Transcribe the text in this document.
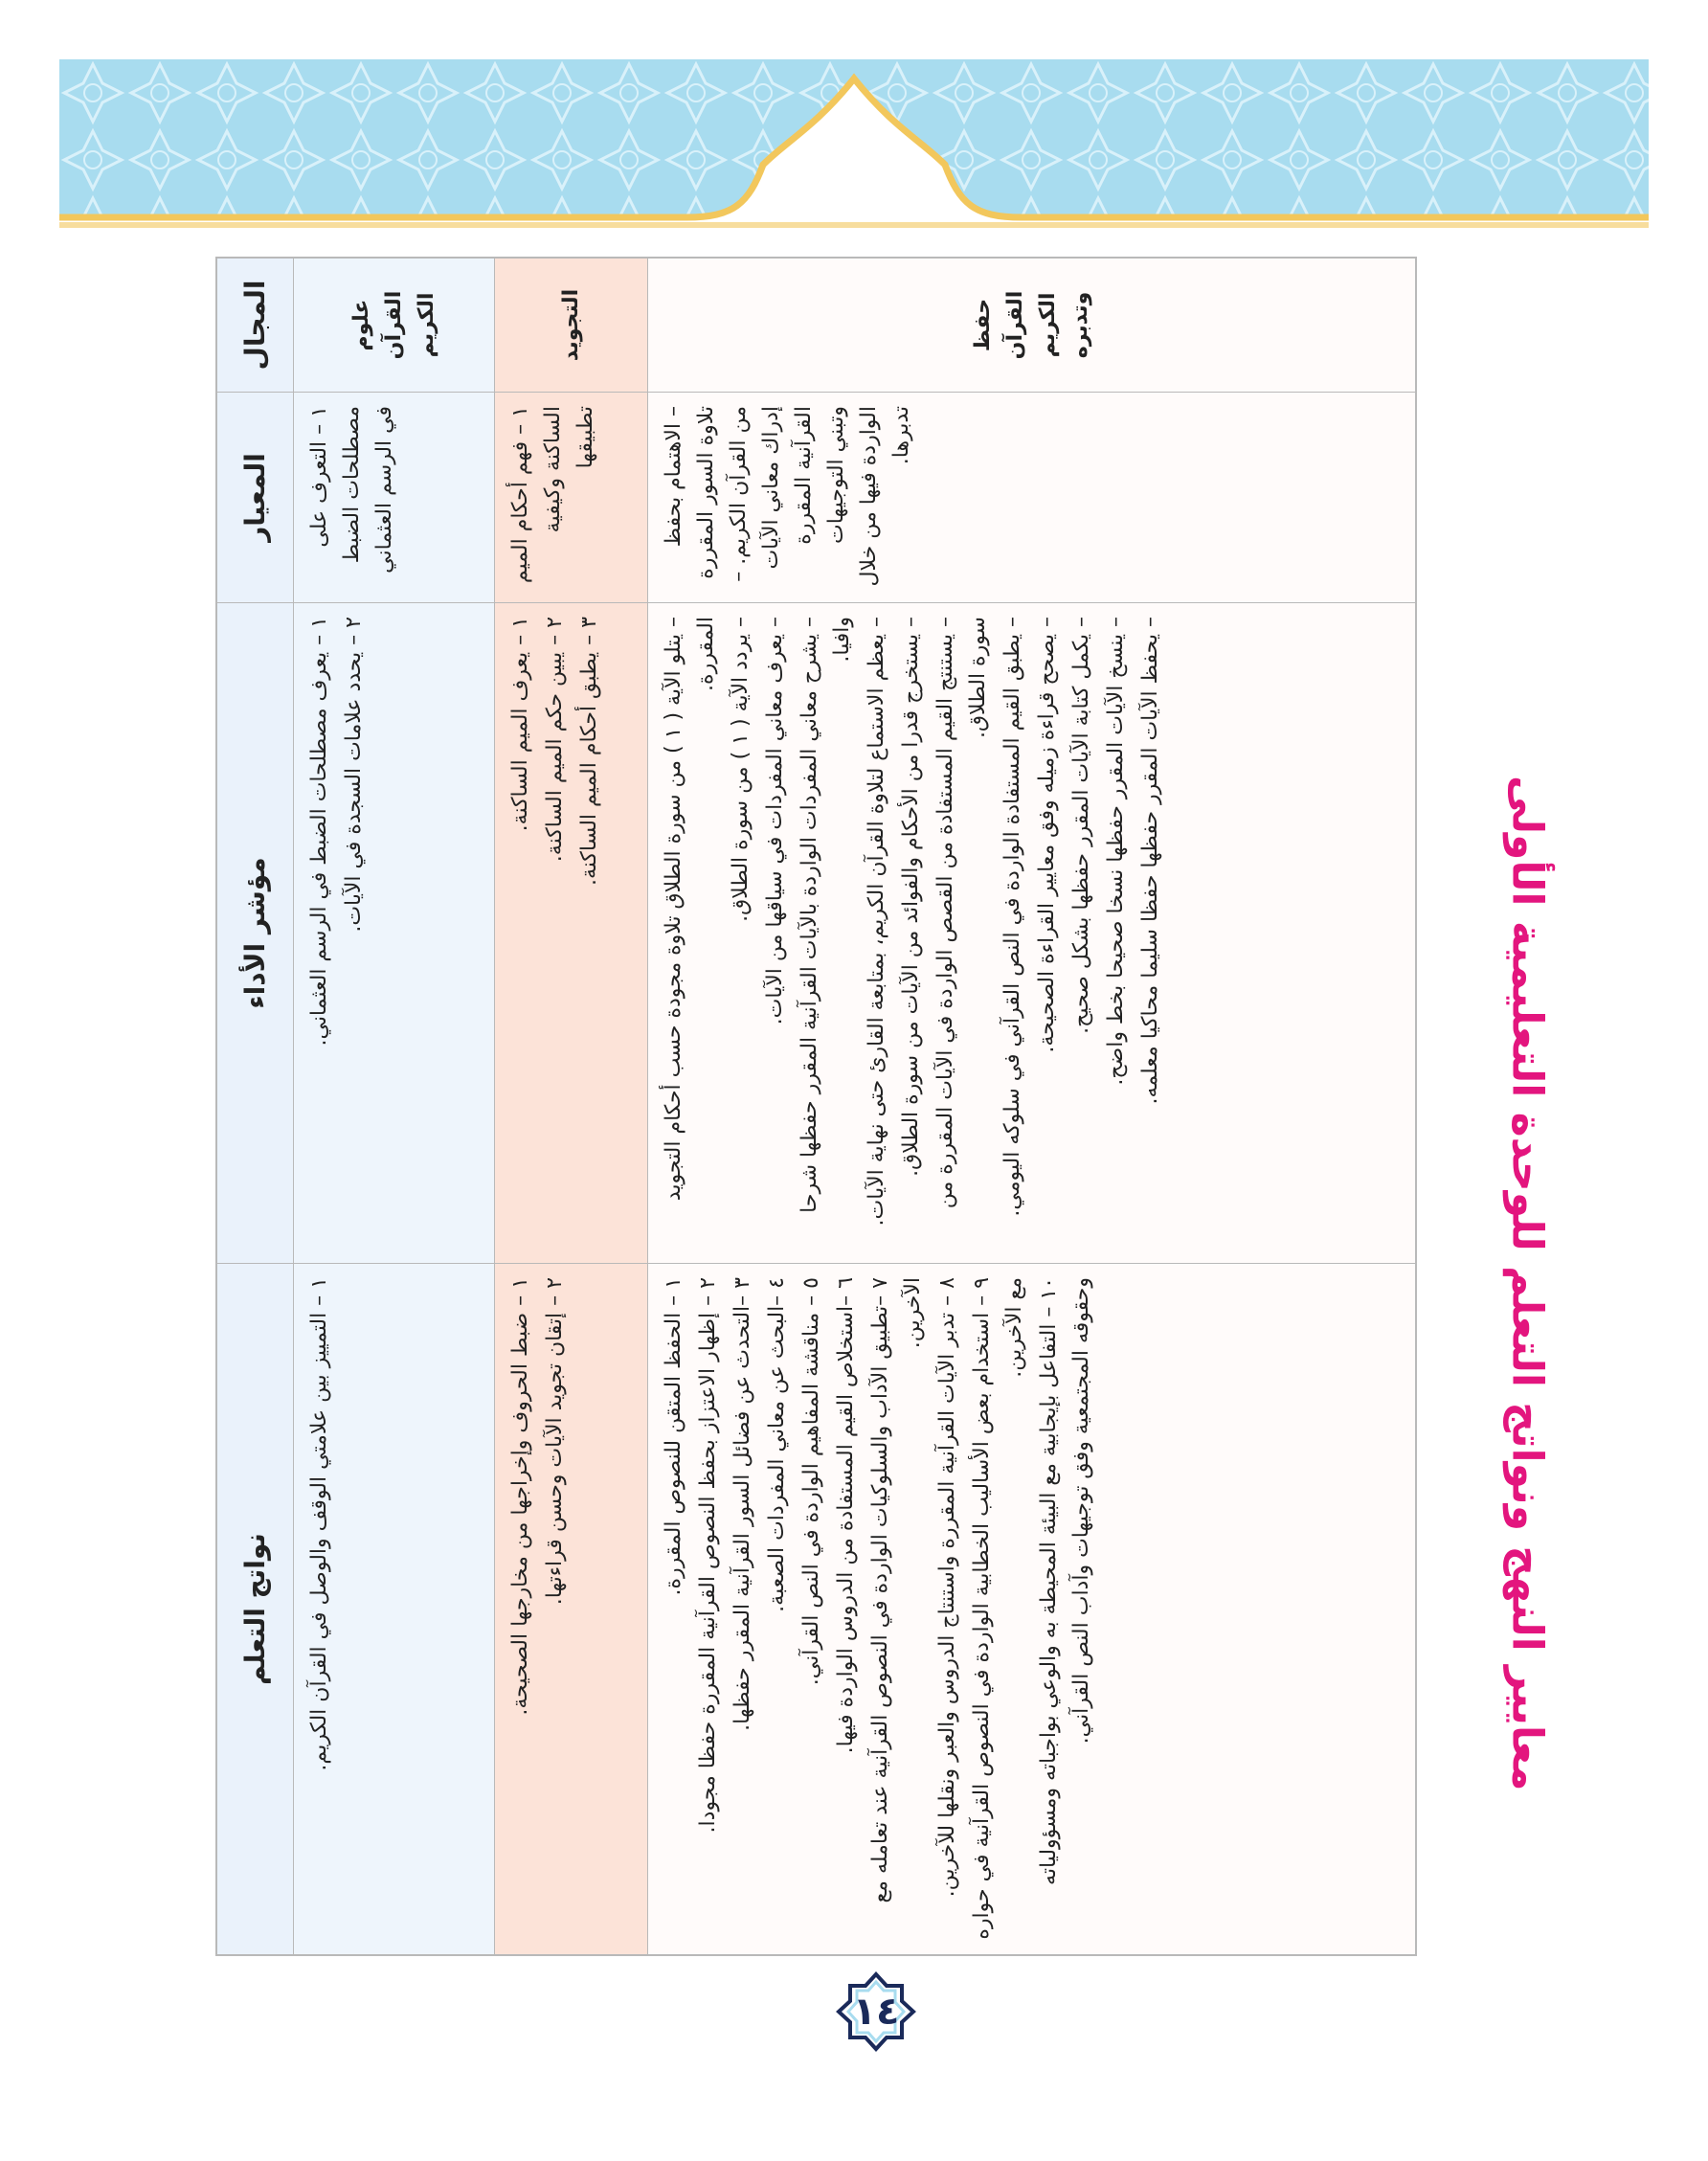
معايير النهج ونواتج التعلم للوحدة التعليمية الأولى
المجال
المعيار
مؤشر الأداء
نواتج التعلم
علوم القرآن الكريم
١ – التعرف على مصطلحات الضبط في الرسم العثماني
١ – يعرف مصطلحات الضبط في الرسم العثماني.
٢ – يحدد علامات السجدة في الآيات.
١ – التمييز بين علامتي الوقف والوصل في القرآن الكريم.
التجويد
١ – فهم أحكام الميم الساكنة وكيفية تطبيقها
١ – يعرف الميم الساكنة.
٢ – يبين حكم الميم الساكنة.
٣ – يطبق أحكام الميم الساكنة.
١ – ضبط الحروف وإخراجها من مخارجها الصحيحة.
٢ – إتقان تجويد الآيات وحسن قراءتها.
حفظ القرآن الكريم وتدبره
– الاهتمام بحفظ تلاوة السور المقررة من القرآن الكريم. –إدراك معاني الآيات القرآنية المقررة وتبني التوجيهات الواردة فيها من خلال تدبرها.
– يتلو الآية ( ١ ) من سورة الطلاق تلاوة مجودة حسب أحكام التجويد المقررة.
– يردد الآية ( ١ ) من سورة الطلاق. – يعرف معاني المفردات في سياقها من الآيات. – يشرح معاني المفردات الواردة بالآيات القرآنية المقرر حفظها شرحا وافيا. – يعظم الاستماع لتلاوة القرآن الكريم، بمتابعة القارئ حتى نهاية الآيات. – يستخرج قدرا من الأحكام والفوائد من الآيات من سورة الطلاق. – يستنتج القيم المستفادة من القصص الواردة في الآيات المقررة من سورة الطلاق. – يطبق القيم المستفادة الواردة في النص القرآني في سلوكه اليومي. – يصحح قراءة زميله وفق معايير القراءة الصحيحة. – يكمل كتابة الآيات المقرر حفظها بشكل صحيح. – ينسخ الآيات المقرر حفظها نسخا صحيحا بخط واضح. – يحفظ الآيات المقرر حفظها حفظا سليما محاكيا معلمه.
١ – الحفظ المتقن للنصوص المقررة.
٢ – إظهار الاعتزاز بحفظ النصوص القرآنية المقررة حفظا مجودا.
٣ –التحدث عن فضائل السور القرآنية المقرر حفظها.
٤ –البحث عن معاني المفردات الصعبة.
٥ – مناقشة المفاهيم الواردة في النص القرآني.
٦ –استخلاص القيم المستفادة من الدروس الواردة فيها.
٧ –تطبيق الآداب والسلوكيات الواردة في النصوص القرآنية عند تعامله مع الآخرين. ٨ – تدبر الآيات القرآنية المقررة واستنتاج الدروس والعبر ونقلها للآخرين.
٩ – استخدام بعض الأساليب الخطابية الواردة في النصوص القرآنية في حواره مع الآخرين. ١٠ – التفاعل بإيجابية مع البيئة المحيطة به والوعي بواجباته ومسؤولياته وحقوقه المجتمعية وفق توجيهات وآداب النص القرآني.
١٤
